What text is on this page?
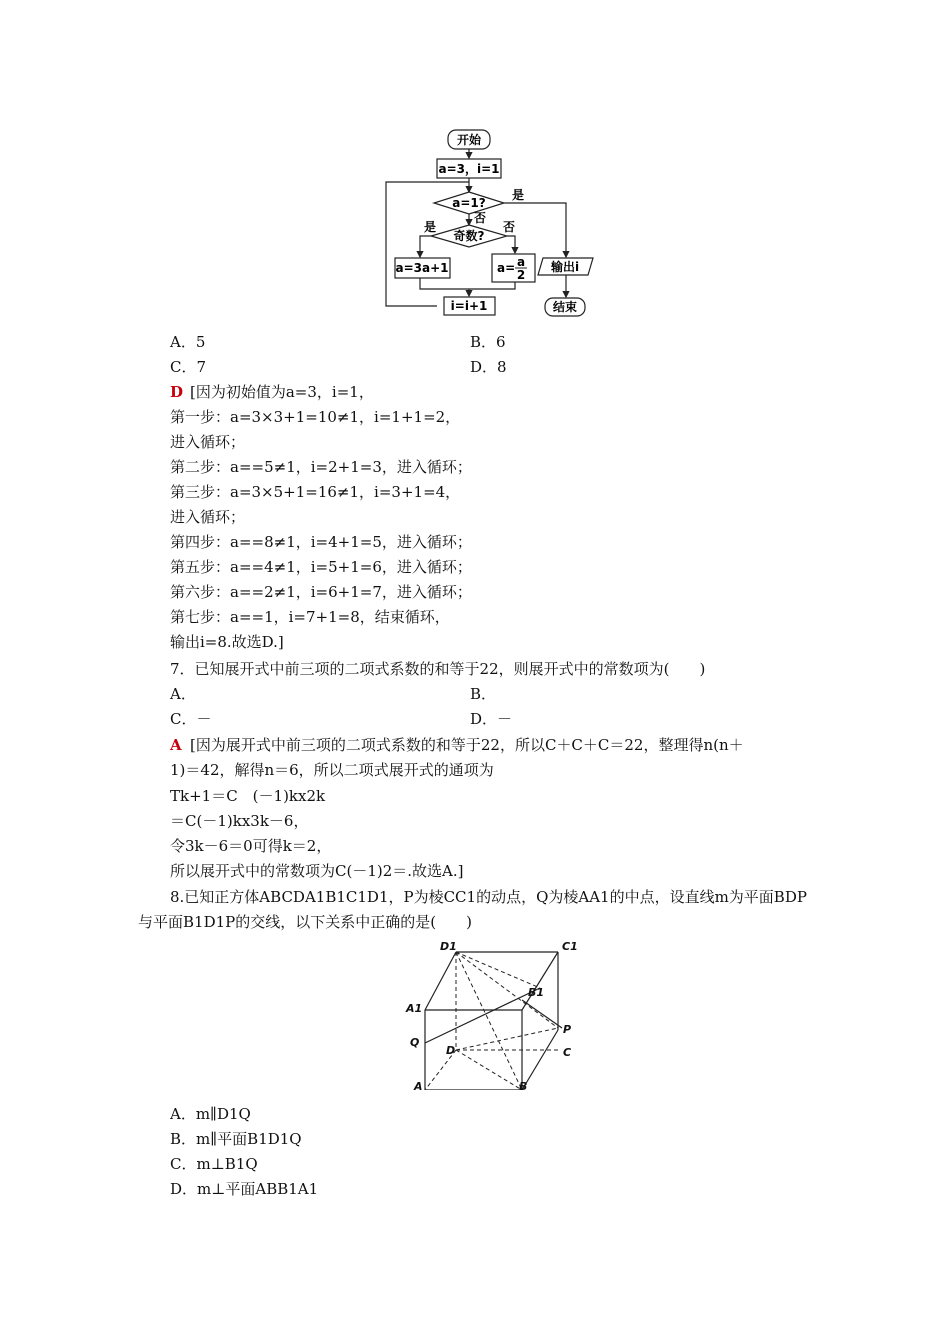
开始
a=3，i=1
a=1?
是
否
奇数?
是	否
a=3a+1	a= a
2
输出i
i=i+1	结束
A．5	B．6
C．7	D．8
D [因为初始值为a=3，i=1，
第一步：a=3×3+1=10≠1，i=1+1=2，
进入循环；
第二步：a==5≠1，i=2+1=3，进入循环；
第三步：a=3×5+1=16≠1，i=3+1=4，
进入循环；
第四步：a==8≠1，i=4+1=5，进入循环；
第五步：a==4≠1，i=5+1=6，进入循环；
第六步：a==2≠1，i=6+1=7，进入循环；
第七步：a==1，i=7+1=8，结束循环，
输出i=8.故选D.]
7．已知展开式中前三项的二项式系数的和等于22，则展开式中的常数项为(　　)
A．	B．
C．－	D．－
A [因为展开式中前三项的二项式系数的和等于22，所以C＋C＋C＝22，整理得n(n＋
1)＝42，解得n＝6，所以二项式展开式的通项为
Tk+1＝C　(－1)kx2k
＝C(－1)kx3k－6，
令3k－6＝0可得k＝2，
所以展开式中的常数项为C(－1)2＝.故选A.]
8.已知正方体ABCDA1B1C1D1，P为棱CC1的动点，Q为棱AA1的中点，设直线m为平面BDP
与平面B1D1P的交线，以下关系中正确的是(　　)
D1	C1
A1
B1
Q
P
D	C
A	B
A．m∥D1Q
B．m∥平面B1D1Q
C．m⊥B1Q
D．m⊥平面ABB1A1
